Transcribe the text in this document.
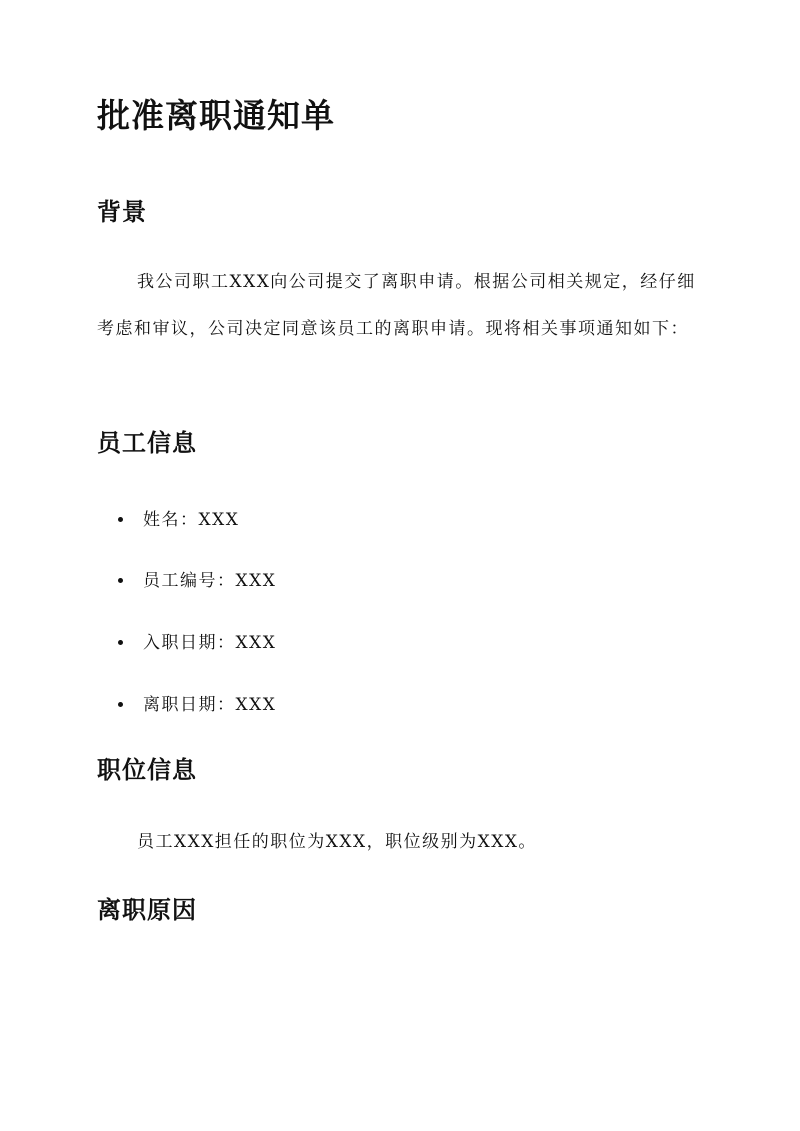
批准离职通知单
背景

我公司职工XXX向公司提交了离职申请。根据公司相关规定，经仔细考虑和审议，公司决定同意该员工的离职申请。现将相关事项通知如下：

员工信息
姓名：XXX
员工编号：XXX
入职日期：XXX
离职日期：XXX
职位信息

员工XXX担任的职位为XXX，职位级别为XXX。

离职原因
